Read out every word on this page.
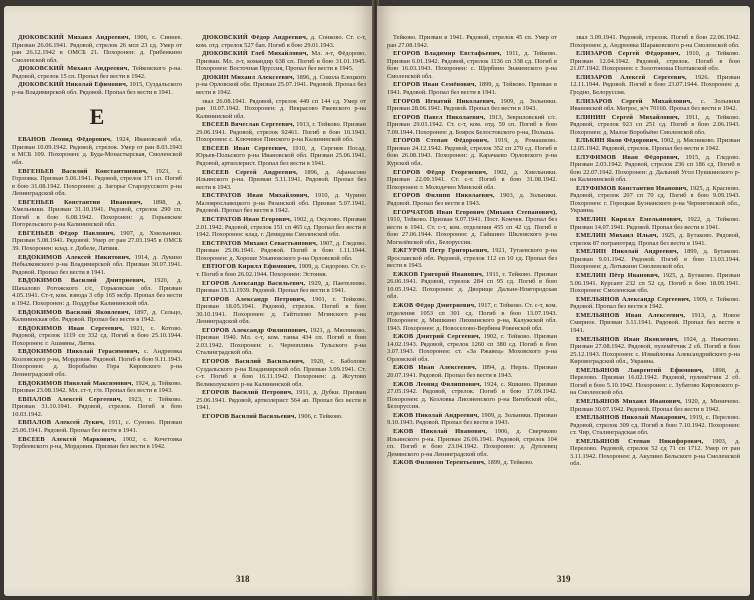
ДЮКОВСКИЙ Михаил Андреевич, 1906, с. Синнее. Призван 26.06.1941. Рядовой, стрелок 26 мсп 23 сд. Умер от ран 26.12.1942 в ОМСБ 21. Похоронен: д. Грибенкино Смоленской обл.

ДЮКОВСКИЙ Михаил Андреевич, Тейковского р-на. Рядовой, стрелок 15 сп. Пропал без вести в 1942.

ДЮКОВСКИЙ Николай Ефимович, 1915, Суздальского р-на Владимирской обл. Рядовой. Пропал без вести в 1941.

Е

ЕВАНОВ Леонид Фёдорович, 1924, Ивановской обл. Призван 10.09.1942. Рядовой, стрелок. Умер от ран 8.03.1943 в МСБ 109. Похоронен: д. Буда-Монастырская, Смоленской обл.

ЕВГЕНЬЕВ Василий Константинович, 1923, с. Горловка. Призван 5.06.1941. Рядовой, стрелок 171 сп. Погиб в бою 31.08.1942. Похоронен: д. Загорье Старорусского р-на Ленинградской обл.

ЕВГЕНЬЕВ Константин Иванович, 1898, д. Хмельники. Призван 31.10.1941. Рядовой, стрелок 290 сп. Погиб в бою 6.08.1942. Похоронен: д. Горьевское Погорельского р-на Калининской обл.

ЕВГЕНЬЕВ Фёдор Павлович, 1907, д. Хмельники. Призван 5.08.1941. Рядовой. Умер от ран 27.03.1945 в ОМСБ 39. Похоронен: клад. г. Добеле, Латвия.

ЕВДОКИМОВ Алексей Никитович, 1914, д. Лукино Небылковского р-на Владимирской обл. Призван 30.07.1941. Рядовой. Пропал без вести в 1941.

ЕВДОКИМОВ Василий Дмитриевич, 1920, д. Шахалово Рогожского с/с, Горьковская обл. Призван 4.05.1941. Ст-т, ком. взвода 3 сбр 165 мсбр. Пропал без вести в 1942. Похоронен: д. Поддубье Калининской обл.

ЕВДОКИМОВ Василий Яковлевич, 1897, д. Сельцо, Калининская обл. Рядовой. Пропал без вести в 1942.

ЕВДОКИМОВ Иван Сергеевич, 1921, с. Котово. Рядовой, стрелок 1119 сп 332 сд. Погиб в бою 25.10.1944. Похоронен: г. Ашмяны, Литва.

ЕВДОКИМОВ Николай Герасимович, с. Андреевка Козловского р-на, Мордовия. Рядовой. Погиб в бою 9.11.1943. Похоронен: д. Воробьёво Гора Кировского р-на Ленинградской обл.

ЕВДОКИМОВ Николай Максимович, 1924, д. Тейково. Призван 23.08.1942. Мл. ст-т, г/п. Пропал без вести в 1943.

ЕВПАЛОВ Алексей Сергеевич, 1923, г. Тейково. Призван 31.10.1941. Рядовой, стрелок. Погиб в бою 10.03.1942.

ЕВПАЛОВ Алексей Лукич, 1911, с. Суново. Призван 25.06.1941. Рядовой. Пропал без вести в 1941.

ЕВСЕЕВ Алексей Маркович, 1902, с. Кочетовка Торбеевского р-на, Мордовия. Призван без вести в 1942.

ДЮКОВСКИЙ Фёдор Андреевич, д. Сонково. Ст. с-т, ком. отд. стрелок 527 бап. Погиб в бою 29.01.1943.

ДЮКОВСКИЙ Глеб Михайлович, Мл. л-т, Фёдорово. Призван. Мл. л-т, командир 638 сп. Погиб в бою 31.01.1945. Похоронен: Восточная Пруссия, Пропал без вести в 1945.

ДЮКИН Михаил Алексеевич, 1896, д. Сокола Елецкого р-на Орловской обл. Призван 25.07.1941. Рядовой. Пропал без вести в 1942.

звал 26.08.1941. Рядовой, стрелок 449 сп 144 сд. Умер от ран 10.07.1942. Похоронен: д. Некрасово Ржевского р-на Калининской обл.

ЕВСЕЕВ Вячеслав Сергеевич, 1913, г. Тейково. Призван 29.06.1941. Рядовой, стрелок 92461. Погиб в бою 10.1943. Похоронен: с. Ключевое Пинского р-на Калининской обл.

ЕВСЕЕВ Иван Сергеевич, 1910, д. Сергиев Посад. Юрьев-Польского р-на Ивановской обл. Призван 25.06.1941. Рядовой, артиллерист. Пропал без вести в 1941.

ЕВСЕЕВ Сергей Андреевич, 1896, д. Афанасово Ильинского р-на. Призван 5.11.1941. Рядовой. Пропал без вести в 1943.

ЕВСТРАТОВ Иван Михайлович, 1910, д. Чурино Малоярославецкого р-на Рязанской обл. Призван 5.07.1941. Рядовой. Пропал без вести в 1942.

ЕВСТРАТОВ Иван Егорович, 1902, д. Окулово. Призван 2.01.1942. Рядовой, стрелок 151 сп 465 сд. Пропал без вести в 1942. Похоронен: клад. г. Демидова Смоленской обл.

ЕВСТРАТОВ Михаил Севастьянович, 1907, д. Гледово. Призван 25.06.1941. Рядовой. Погиб в бою 1.11.1944. Похоронен: д. Хороше Ульяновского р-на Орловской обл.

ЕВТЮГОВ Кирилл Ефимович, 1909, д. Сидорово. Ст. с-т. Погиб в бою 26.02.1944. Похоронен: Эстония.

ЕГОРОВ Александр Васильевич, 1929, д. Пантелеево. Призван 15.11.1939. Рядовой. Пропал без вести в 1941.

ЕГОРОВ Александр Петрович, 1901, г. Тейково. Призван 18.05.1941. Рядовой, стрелок. Погиб в бою 30.10.1941. Похоронен: д. Гайтолово Мгинского р-на Ленинградской обл.

ЕГОРОВ Александр Филиппович, 1921, д. Мясниково. Призван 1940. Мл. с-т, ком. танка 434 сп. Погиб в бою 2.03.1942. Похоронен: с. Черноплинь Тульского р-на Сталинградской обл.

ЕГОРОВ Василий Васильевич, 1920, с. Баболово Суздальского р-на Владимирской обл. Призван 3.09.1941. Ст. с-т. Погиб в бою 16.11.1942. Похоронен: д. Жгутово Великолукского р-на Калининской обл.

ЕГОРОВ Василий Петрович, 1911, д. Дубки. Призван 25.06.1941. Рядовой, артиллерист 564 ап. Пропал без вести в 1941.

ЕГОРОВ Василий Васильевич, 1906, г. Тейково.

318

Тейково. Призван в 1941. Рядовой, стрелок 45 сп. Умер от ран 27.08.1942.

ЕГОРОВ Владимир Евстафьевич, 1911, д. Тейково. Призван 6.01.1942. Рядовой, стрелок 1136 сп 338 сд. Погиб в бою 16.03.1943. Похоронен: с. Щербино Знаменского р-на Смоленской обл.

ЕГОРОВ Иван Семёнович, 1899, д. Тейково. Призван в 1941. Рядовой. Пропал без вести в 1941.

ЕГОРОВ Игнатий Николаевич, 1909, д. Зольники. Призван 28.06.1941. Рядовой. Пропал без вести в 1943.

ЕГОРОВ Павел Николаевич, 1913, Зевриловский с/с. Призван 29.01.1942. Ст. с-т, ком. отд. 59 сп. Погиб в бою 7.09.1944. Похоронен: д. Боярск Белостокского р-на, Польша.

ЕГОРОВ Степан Фёдорович, 1919, д. Ромашково. Призван 24.12.1942. Рядовой, стрелок 352 сп 270 сд. Погиб в бою 26.08.1943. Похоронен: д. Карачаево Орловского р-на Курской обл.

ЕГОРОВ Фёдор Георгиевич, 1902, д. Хмельники. Призван 22.09.1941. Ст. с-т. Погиб в бою 31.08.1942. Похоронен: г. Молодечно Минской обл.

ЕГОРОВ Филипп Николаевич, 1903, д. Зольники. Рядовой. Пропал без вести в 1943.

ЕГОРЧАТОВ Иван Егорович (Михаил Степанович), 1910, Тейково. Призван 9.07.1941. Пост. Комчев. Пропал без вести в 1941. Ст. с-т, ком. отделения 455 сп 42 сд. Погиб в бою 27.06.1944. Похоронен: д. Гайшино Шкловского р-на Могилёвской обл., Белоруссия.

ЕЖГУРОВ Петр Григорьевич, 1921, Тутаевского р-на Ярославской обл. Рядовой, стрелок 112 сп 10 сд. Пропал без вести в 1943.

ЕЖКОВ Григорий Иванович, 1911, г. Тейково. Призван 26.06.1941. Рядовой, стрелок 284 сп 95 сд. Погиб в бою 10.05.1942. Похоронен: д. Дворище Дальне-Новгородская обл.

ЕЖОВ Фёдор Дмитриевич, 1917, г. Тейково. Ст. с-т, ком. отделения 1053 сп 301 сд. Погиб в бою 13.07.1943. Похоронен: д. Мишкино Лихвинского р-на, Калужской обл. 1943. Похоронен: д. Новоселово-Вербина Ровенской обл.

ЕЖОВ Дмитрий Сергеевич, 1902, г. Тейково. Призван 14.02.1943. Рядовой, стрелок 1260 сп 380 сд. Погиб в бою 3.07.1943. Похоронен: ст. «За Ржавец» Моховского р-на Орловской обл.

ЕЖОВ Иван Алексеевич, 1894, д. Нерль. Призван 20.07.1941. Рядовой. Пропал без вести в 1943.

ЕЖОВ Леонид Филиппович, 1924, с. Яшкино. Призван 27.05.1942. Рядовой, стрелок. Погиб в бою 17.09.1942. Похоронен: д. Козловка Лиозненского р-на Витебской обл., Белоруссия.

ЕЖОВ Николай Андреевич, 1909, д. Зольники. Призван 9.10.1943. Рядовой. Пропал без вести в 1943.

ЕЖОВ Николай Иванович, 1906, д. Сверчково Ильинского р-на. Призван 26.06.1941. Рядовой, стрелок 104 сп. Погиб в бою 23.04.1942. Похоронен: д. Дуплевец Демянского р-на Ленинградской обл.

ЕЖОВ Филимон Терентьевич, 1899, д. Тейково.

звал 3.09.1941. Рядовой, стрелок. Погиб в бою 22.06.1942. Похоронен: д. Андреевка Шараковского р-на Смоленской обл.

ЕЛИЗАРОВ Сергей Фёдорович, 1910, д. Тейково. Призван 12.04.1942. Рядовой, стрелок. Погиб в бою 21.07.1942. Похоронен: г. Золотоноша Полтавской обл.

ЕЛИЗАРОВ Алексей Сергеевич, 1926. Призван 12.11.1944. Рядовой. Погиб в бою 23.07.1944. Похоронен: д. Гродно, Белоруссия.

ЕЛИЗАРОВ Сергей Михайлович, с. Зольники Ивановской обл. Матрос, в/ч 70160. Пропал без вести в 1942.

ЕЛИНИН Сергей Михайлович, 1911, д. Тейково. Рядовой, стрелок 923 сп 251 сд. Погиб в бою 2.06.1943. Похоронен: д. Малое Воробьёво Смоленской обл.

ЕЛЬКИН Яков Фёдорович, 1902, д. Мясниково. Призван 12.05.1942. Рядовой, стрелок. Пропал без вести в 1942.

ЕЛУФИМОВ Иван Фёдорович, 1915, д. Гледово. Призван 2.03.1942. Рядовой, стрелок 236 сп 186 сд. Погиб в бою 22.07.1942. Похоронен: д. Дальний Угол Пушкинского р-на Калининской обл.

ЕЛУФИМОВ Константин Иванович, 1925, д. Красново. Рядовой, стрелок 207 сп 70 сд. Погиб в бою 9.09.1943. Похоронен: г. Гороцкая Буэнанского р-на Черниговской обл., Украина.

ЕМЕЛИН Кирилл Емельянович, 1922, д. Тейково. Призван 14.07.1941. Рядовой. Пропал без вести в 1941.

ЕМЕЛИН Михаил Ильич, 1925, д. Бутаково. Рядовой, стрелок 87 погранотряд. Пропал без вести в 1941.

ЕМЕЛИН Николай Андреевич, 1899, д. Бутаково. Призван 9.01.1942. Рядовой. Погиб в бою 13.03.1944. Похоронен: д. Лотыкино Смоленской обл.

ЕМЕЛИН Пётр Иванович, 1925, д. Бутаково. Призван 5.06.1941. Курсант 232 сп 52 сд. Погиб в бою 18.09.1941. Похоронен: Смоленская обл.

ЕМЕЛЬЯНОВ Александр Сергеевич, 1909, г. Тейково. Рядовой. Пропал без вести в 1942.

ЕМЕЛЬЯНОВ Иван Алексеевич, 1913, д. Новое Смирное. Призван 3.11.1941. Рядовой. Пропал без вести в 1941.

ЕМЕЛЬЯНОВ Иван Яковлевич, 1924, д. Никитино. Призван 27.08.1942. Рядовой, пулемётчик 2 сб. Погиб в бою 25.12.1943. Похоронен: с. Измайловка Александрийского р-на Кировоградской обл., Украина.

ЕМЕЛЬЯНОВ Лаврентий Ефимович, 1898, д. Перелово. Призван 16.02.1942. Рядовой, пулемётчик 2 сб. Погиб в бою 5.10.1942. Похоронен: с. Зубатово Кировского р-на Смоленской обл.

ЕМЕЛЬЯНОВ Михаил Иванович, 1920, д. Миничево. Призван 30.07.1942. Рядовой. Пропал без вести в 1942.

ЕМЕЛЬЯНОВ Николай Макарович, 1919, с. Перелово. Рядовой, стрелок 309 сд. Погиб в бою 7.10.1942. Похоронен: ст. Чир, Сталинградская обл.

ЕМЕЛЬЯНОВ Степан Никифорович, 1903, д. Перелово. Рядовой, стрелок 52 сд 71 сп 1712. Умер от ран 3.11.1942. Похоронен: д. Акулино Бельского р-на Смоленской обл.

319
